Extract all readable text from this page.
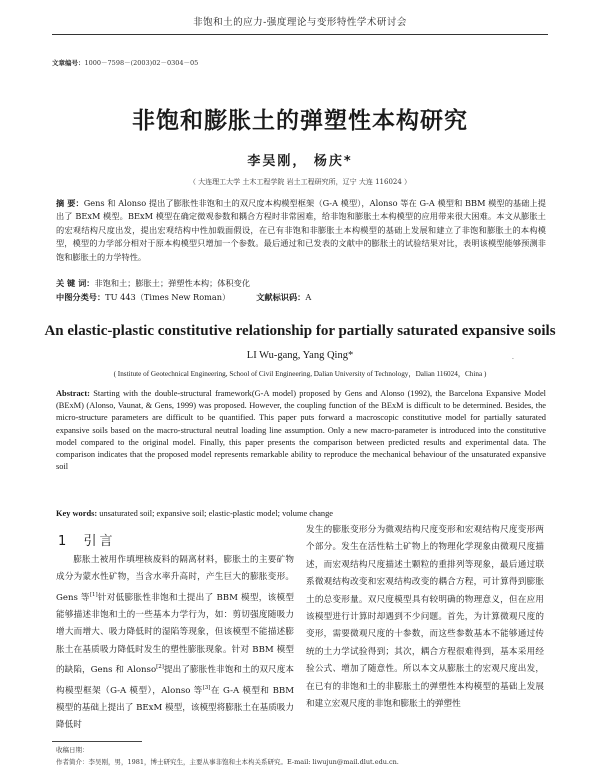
非饱和土的应力-强度理论与变形特性学术研讨会
文章编号：1000－7598－(2003)02－0304－05
非饱和膨胀土的弹塑性本构研究
李吴刚， 杨庆*
（ 大连理工大学 土木工程学院 岩土工程研究所，辽宁 大连 116024 ）

摘 要：Gens 和 Alonso 提出了膨胀性非饱和土的双尺度本构模型框架（G-A 模型），Alonso 等在 G-A 模型和 BBM 模型的基础上提出了 BExM 模型。BExM 模型在确定微观参数和耦合方程时非常困难，给非饱和膨胀土本构模型的应用带来很大困难。本文从膨胀土的宏观结构尺度出发，提出宏观结构中性加载面假设，在已有非饱和非膨胀土本构模型的基础上发展和建立了非饱和膨胀土的本构模型，模型的力学部分相对于原本构模型只增加一个参数。最后通过和已发表的文献中的膨胀土的试验结果对比，表明该模型能够预测非饱和膨胀土的力学特性。

关 键 词：非饱和土；膨胀土；弹塑性本构；体积变化
中图分类号：TU 443（Times New Roman）	文献标识码：A
An elastic-plastic constitutive relationship for partially saturated expansive soils
·
LI Wu-gang, Yang Qing*
( Institute of Geotechnical Engineering, School of Civil Engineering, Dalian University of Technology，Dalian 116024，China )

Abstract: Starting with the double-structural framework(G-A model) proposed by Gens and Alonso (1992), the Barcelona Expansive Model (BExM) (Alonso, Vaunat, & Gens, 1999) was proposed. However, the coupling function of the BExM is difficult to be determined. Besides, the micro-structure parameters are difficult to be quantified. This paper puts forward a macroscopic constitutive model for partially saturated expansive soils based on the macro-structural neutral loading line assumption. Only a new macro-parameter is introduced into the constitutive model compared to the original model. Finally, this paper presents the comparison between predicted results and experimental data. The comparison indicates that the proposed model represents remarkable ability to reproduce the mechanical behaviour of the unsaturated expansive soil

Key words: unsaturated soil; expansive soil; elastic-plastic model; volume change
1 引言

膨胀土被用作填埋核废料的隔离材料，膨胀土的主要矿物成分为蒙水性矿物，当含水率升高时，产生巨大的膨胀变形。Gens 等[1]针对低膨胀性非饱和土提出了 BBM 模型，该模型能够描述非饱和土的一些基本力学行为，如：剪切强度随吸力增大而增大、吸力降低时的湿陷等现象，但该模型不能描述膨胀土在基质吸力降低时发生的塑性膨胀现象。针对 BBM 模型的缺陷，Gens 和 Alonso[2]提出了膨胀性非饱和土的双尺度本构模型框架（G-A 模型），Alonso 等[3]在 G-A 模型和 BBM 模型的基础上提出了 BExM 模型，该模型将膨胀土在基质吸力降低时

发生的膨胀变形分为微观结构尺度变形和宏观结构尺度变形两个部分。发生在活性粘土矿物上的物理化学现象由微观尺度描述，而宏观结构尺度描述土颗粒的重排列等现象，最后通过联系微观结构改变和宏观结构改变的耦合方程，可计算得到膨胀土的总变形量。双尺度模型具有较明确的物理意义，但在应用该模型进行计算时却遇到不少问题。首先，为计算微观尺度的变形，需要微观尺度的十参数，而这些参数基本不能够通过传统的土力学试验得到；其次，耦合方程很难得到，基本采用经验公式、增加了随意性。所以本文从膨胀土的宏观尺度出发，在已有的非饱和土的非膨胀土的弹塑性本构模型的基础上发展和建立宏观尺度的非饱和膨胀土的弹塑性

收稿日期：
作者简介：李吴刚，男，1981，博士研究生，主要从事非饱和土本构关系研究。E-mail: liwujun@mail.dlut.edu.cn.
